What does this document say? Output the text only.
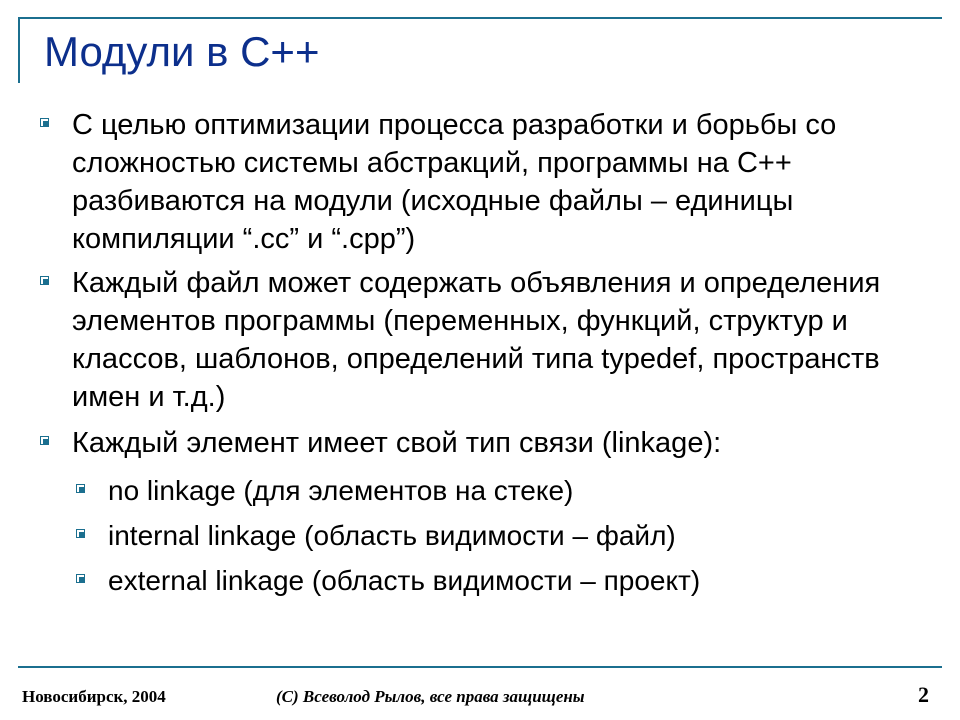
Модули в С++
С целью оптимизации процесса разработки и борьбы со сложностью системы абстракций, программы на С++ разбиваются на модули (исходные файлы – единицы компиляции “.cc” и “.cpp”)
Каждый файл может содержать объявления и определения элементов программы (переменных, функций, структур и классов, шаблонов, определений типа typedef, пространств имен и т.д.)
Каждый элемент имеет свой тип связи (linkage):
no linkage (для элементов на стеке)
internal linkage (область видимости – файл)
external linkage (область видимости – проект)
Новосибирск, 2004	(C) Всеволод Рылов, все права защищены	2
